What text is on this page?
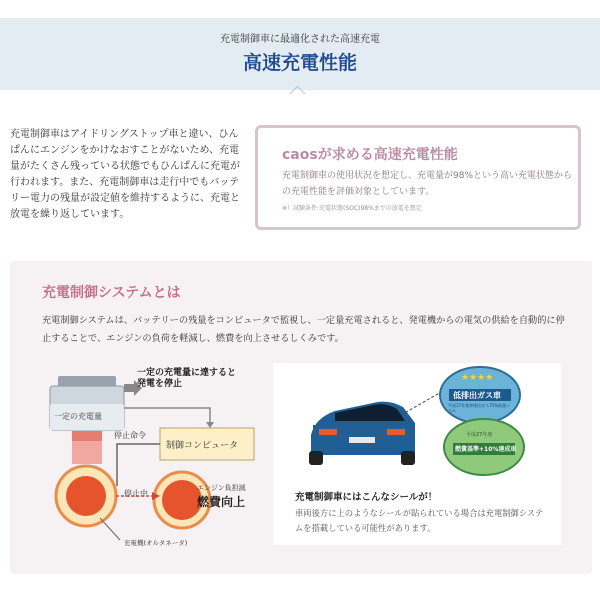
充電制御車に最適化された高速充電
高速充電性能
充電制御車はアイドリングストップ車と違い、ひんぱんにエンジンをかけなおすことがないため、充電量がたくさん残っている状態でもひんぱんに充電が行われます。また、充電制御車は走行中でもバッテリー電力の残量が設定値を維持するように、充電と放電を繰り返しています。
caosが求める高速充電性能
充電制御車の使用状況を想定し、充電量が98%という高い充電状態からの充電性能を評価対象としています。
※）試験条件:充電状態(SOC)98%までの放電を想定
充電制御システムとは
充電制御システムは、バッテリーの残量をコンピュータで監視し、一定量充電されると、発電機からの電気の供給を自動的に停止することで、エンジンの負荷を軽減し、燃費を向上させるしくみです。
一定の充電量に達すると
発電を停止
一定の充電量
制御コンピュータ
停止命令
停止中
エンジン負担減
燃費向上
充電機(オルタネータ)
★★★★
低排出ガス車
平成17年基準排出ガス75%低減レベル
平成27年度
燃費基準+10%達成車
充電制御車にはこんなシールが！
車両後方に上のようなシールが貼られている場合は充電制御システムを搭載している可能性があります。
